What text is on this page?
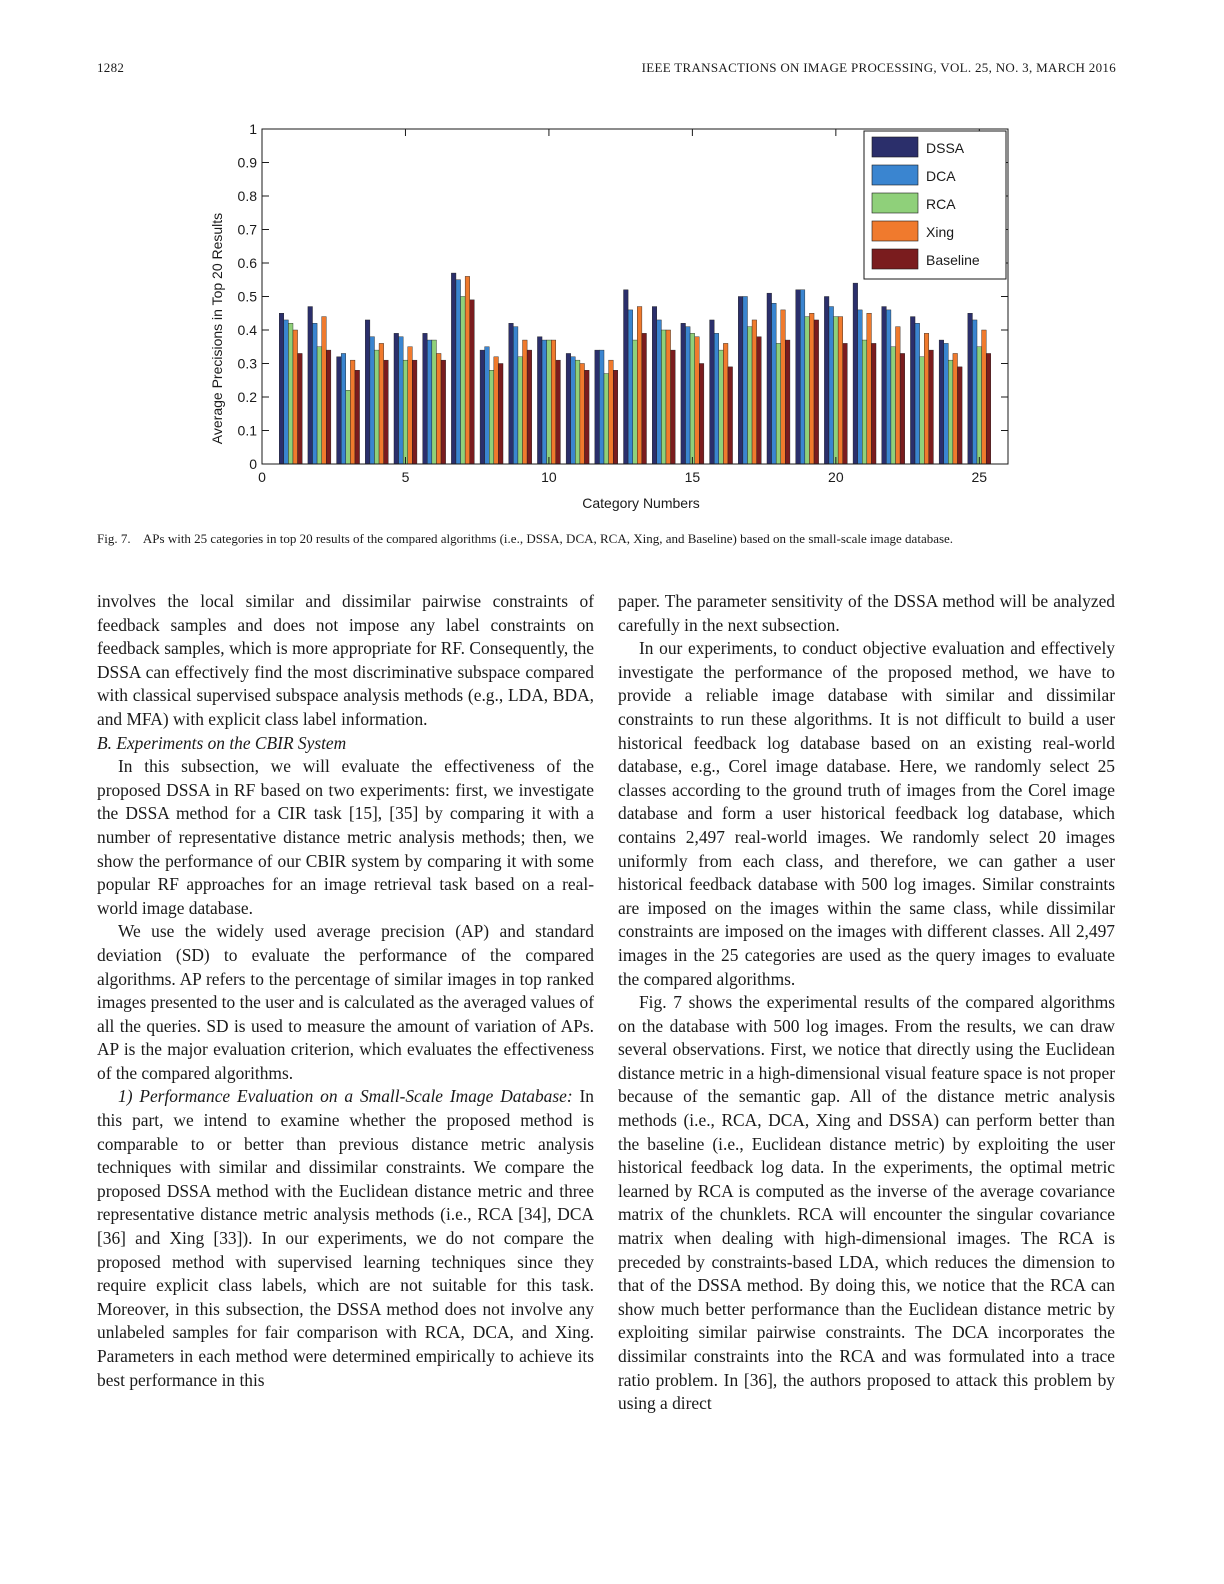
1282	IEEE TRANSACTIONS ON IMAGE PROCESSING, VOL. 25, NO. 3, MARCH 2016
0
0.1
0.2
0.3
0.4
0.5
0.6
0.7
0.8
0.9
1
0	5	10	15	20	25
Category Numbers
Average Precisions in Top 20 Results
DSSA
DCA
RCA
Xing
Baseline
Fig. 7. APs with 25 categories in top 20 results of the compared algorithms (i.e., DSSA, DCA, RCA, Xing, and Baseline) based on the small-scale image database.

involves the local similar and dissimilar pairwise constraints of feedback samples and does not impose any label constraints on feedback samples, which is more appropriate for RF. Consequently, the DSSA can effectively find the most discriminative subspace compared with classical supervised subspace analysis methods (e.g., LDA, BDA, and MFA) with explicit class label information.

B. Experiments on the CBIR System

In this subsection, we will evaluate the effectiveness of the proposed DSSA in RF based on two experiments: first, we investigate the DSSA method for a CIR task [15], [35] by comparing it with a number of representative distance metric analysis methods; then, we show the performance of our CBIR system by comparing it with some popular RF approaches for an image retrieval task based on a real-world image database.

We use the widely used average precision (AP) and standard deviation (SD) to evaluate the performance of the compared algorithms. AP refers to the percentage of similar images in top ranked images presented to the user and is calculated as the averaged values of all the queries. SD is used to measure the amount of variation of APs. AP is the major evaluation criterion, which evaluates the effectiveness of the compared algorithms.

1) Performance Evaluation on a Small-Scale Image Database: In this part, we intend to examine whether the proposed method is comparable to or better than previous distance metric analysis techniques with similar and dissimilar constraints. We compare the proposed DSSA method with the Euclidean distance metric and three representative distance metric analysis methods (i.e., RCA [34], DCA [36] and Xing [33]). In our experiments, we do not compare the proposed method with supervised learning techniques since they require explicit class labels, which are not suitable for this task. Moreover, in this subsection, the DSSA method does not involve any unlabeled samples for fair comparison with RCA, DCA, and Xing. Parameters in each method were determined empirically to achieve its best performance in this

paper. The parameter sensitivity of the DSSA method will be analyzed carefully in the next subsection.

In our experiments, to conduct objective evaluation and effectively investigate the performance of the proposed method, we have to provide a reliable image database with similar and dissimilar constraints to run these algorithms. It is not difficult to build a user historical feedback log database based on an existing real-world database, e.g., Corel image database. Here, we randomly select 25 classes according to the ground truth of images from the Corel image database and form a user historical feedback log database, which contains 2,497 real-world images. We randomly select 20 images uniformly from each class, and therefore, we can gather a user historical feedback database with 500 log images. Similar constraints are imposed on the images within the same class, while dissimilar constraints are imposed on the images with different classes. All 2,497 images in the 25 categories are used as the query images to evaluate the compared algorithms.

Fig. 7 shows the experimental results of the compared algorithms on the database with 500 log images. From the results, we can draw several observations. First, we notice that directly using the Euclidean distance metric in a high-dimensional visual feature space is not proper because of the semantic gap. All of the distance metric analysis methods (i.e., RCA, DCA, Xing and DSSA) can perform better than the baseline (i.e., Euclidean distance metric) by exploiting the user historical feedback log data. In the experiments, the optimal metric learned by RCA is computed as the inverse of the average covariance matrix of the chunklets. RCA will encounter the singular covariance matrix when dealing with high-dimensional images. The RCA is preceded by constraints-based LDA, which reduces the dimension to that of the DSSA method. By doing this, we notice that the RCA can show much better performance than the Euclidean distance metric by exploiting similar pairwise constraints. The DCA incorporates the dissimilar constraints into the RCA and was formulated into a trace ratio problem. In [36], the authors proposed to attack this problem by using a direct
